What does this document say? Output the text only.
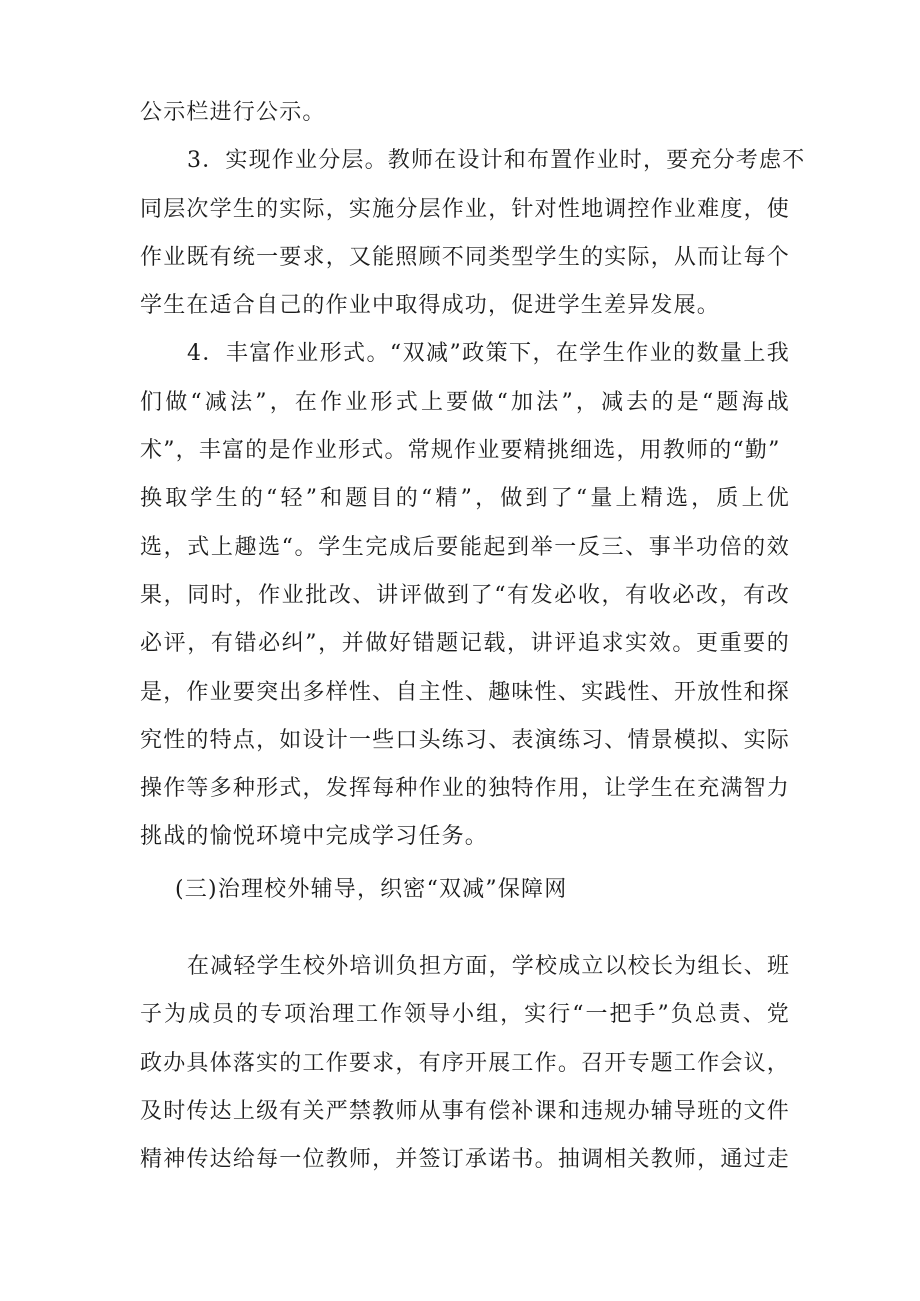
公示栏进行公示。
3．实现作业分层。教师在设计和布置作业时，要充分考虑不
同层次学生的实际，实施分层作业，针对性地调控作业难度，使
作业既有统一要求，又能照顾不同类型学生的实际，从而让每个
学生在适合自己的作业中取得成功，促进学生差异发展。
4．丰富作业形式。“双减”政策下，在学生作业的数量上我
们做“减法”，在作业形式上要做“加法”，减去的是“题海战
术”，丰富的是作业形式。常规作业要精挑细选，用教师的“勤”
换取学生的“轻”和题目的“精”，做到了“量上精选，质上优
选，式上趣选“。学生完成后要能起到举一反三、事半功倍的效
果，同时，作业批改、讲评做到了“有发必收，有收必改，有改
必评，有错必纠”，并做好错题记载，讲评追求实效。更重要的
是，作业要突出多样性、自主性、趣味性、实践性、开放性和探
究性的特点，如设计一些口头练习、表演练习、情景模拟、实际
操作等多种形式，发挥每种作业的独特作用，让学生在充满智力
挑战的愉悦环境中完成学习任务。
(三)治理校外辅导，织密“双减”保障网
在减轻学生校外培训负担方面，学校成立以校长为组长、班
子为成员的专项治理工作领导小组，实行“一把手”负总责、党
政办具体落实的工作要求，有序开展工作。召开专题工作会议，
及时传达上级有关严禁教师从事有偿补课和违规办辅导班的文件
精神传达给每一位教师，并签订承诺书。抽调相关教师，通过走
